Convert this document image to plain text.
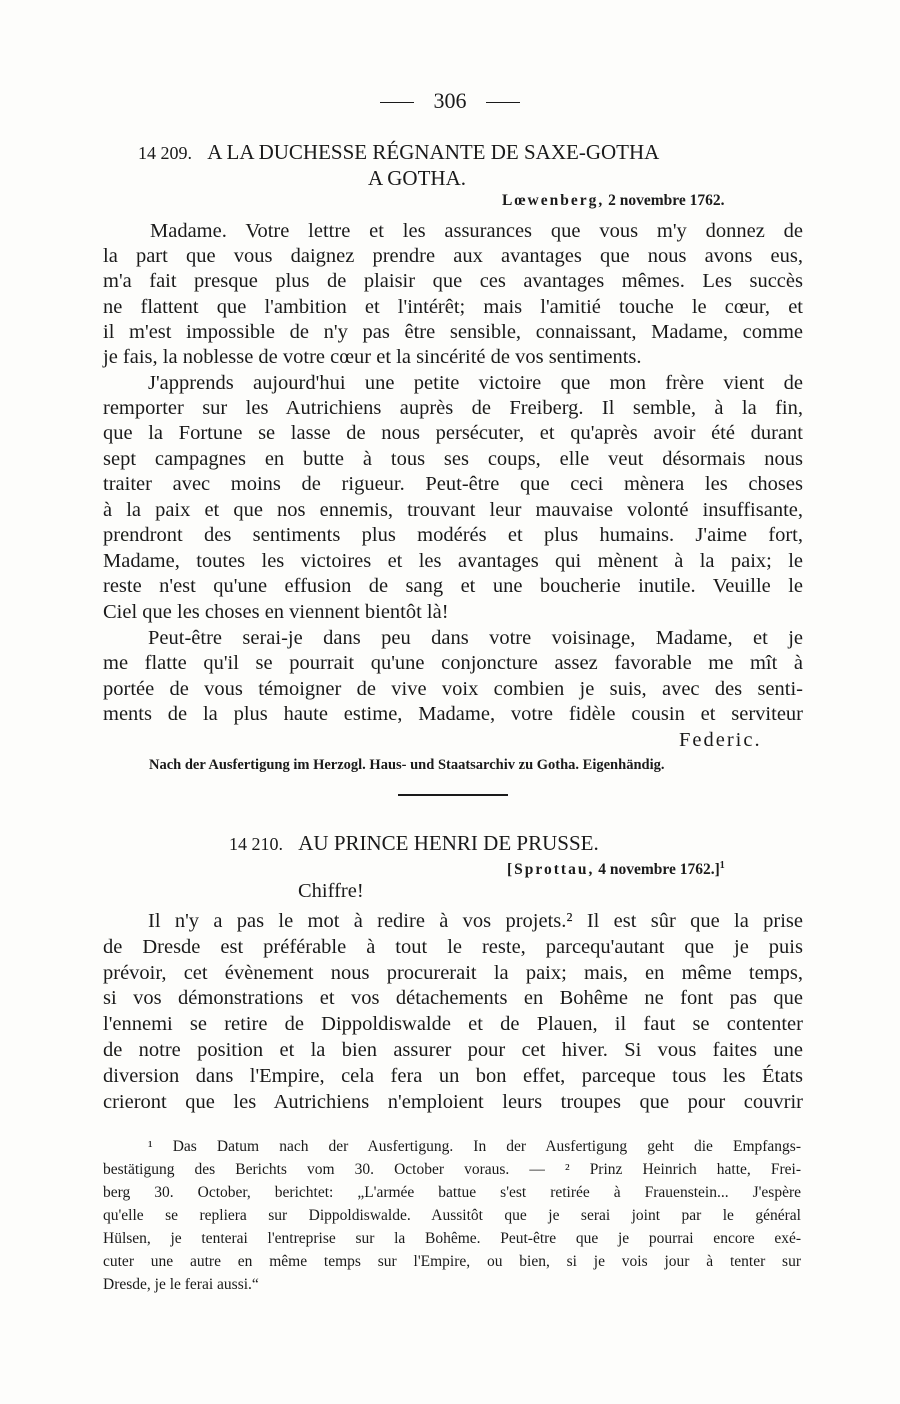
306
14 209. A LA DUCHESSE RÉGNANTE DE SAXE-GOTHA
A GOTHA.
Lœwenberg, 2 novembre 1762.
Madame. Votre lettre et les assurances que vous m'y donnez de
la part que vous daignez prendre aux avantages que nous avons eus,
m'a fait presque plus de plaisir que ces avantages mêmes. Les succès
ne flattent que l'ambition et l'intérêt; mais l'amitié touche le cœur, et
il m'est impossible de n'y pas être sensible, connaissant, Madame, comme
je fais, la noblesse de votre cœur et la sincérité de vos sentiments.
J'apprends aujourd'hui une petite victoire que mon frère vient de
remporter sur les Autrichiens auprès de Freiberg. Il semble, à la fin,
que la Fortune se lasse de nous persécuter, et qu'après avoir été durant
sept campagnes en butte à tous ses coups, elle veut désormais nous
traiter avec moins de rigueur. Peut-être que ceci mènera les choses
à la paix et que nos ennemis, trouvant leur mauvaise volonté insuffisante,
prendront des sentiments plus modérés et plus humains. J'aime fort,
Madame, toutes les victoires et les avantages qui mènent à la paix; le
reste n'est qu'une effusion de sang et une boucherie inutile. Veuille le
Ciel que les choses en viennent bientôt là!
Peut-être serai-je dans peu dans votre voisinage, Madame, et je
me flatte qu'il se pourrait qu'une conjoncture assez favorable me mît à
portée de vous témoigner de vive voix combien je suis, avec des senti-
ments de la plus haute estime, Madame, votre fidèle cousin et serviteur
Federic.
Nach der Ausfertigung im Herzogl. Haus- und Staatsarchiv zu Gotha. Eigenhändig.
14 210. AU PRINCE HENRI DE PRUSSE.
[Sprottau, 4 novembre 1762.]$^1$
Chiffre!
Il n'y a pas le mot à redire à vos projets.² Il est sûr que la prise
de Dresde est préférable à tout le reste, parcequ'autant que je puis
prévoir, cet évènement nous procurerait la paix; mais, en même temps,
si vos démonstrations et vos détachements en Bohême ne font pas que
l'ennemi se retire de Dippoldiswalde et de Plauen, il faut se contenter
de notre position et la bien assurer pour cet hiver. Si vous faites une
diversion dans l'Empire, cela fera un bon effet, parceque tous les États
crieront que les Autrichiens n'emploient leurs troupes que pour couvrir
¹ Das Datum nach der Ausfertigung. In der Ausfertigung geht die Empfangs-
bestätigung des Berichts vom 30. October voraus. — ² Prinz Heinrich hatte, Frei-
berg 30. October, berichtet: „L'armée battue s'est retirée à Frauenstein... J'espère
qu'elle se repliera sur Dippoldiswalde. Aussitôt que je serai joint par le général
Hülsen, je tenterai l'entreprise sur la Bohême. Peut-être que je pourrai encore exé-
cuter une autre en même temps sur l'Empire, ou bien, si je vois jour à tenter sur
Dresde, je le ferai aussi.“
